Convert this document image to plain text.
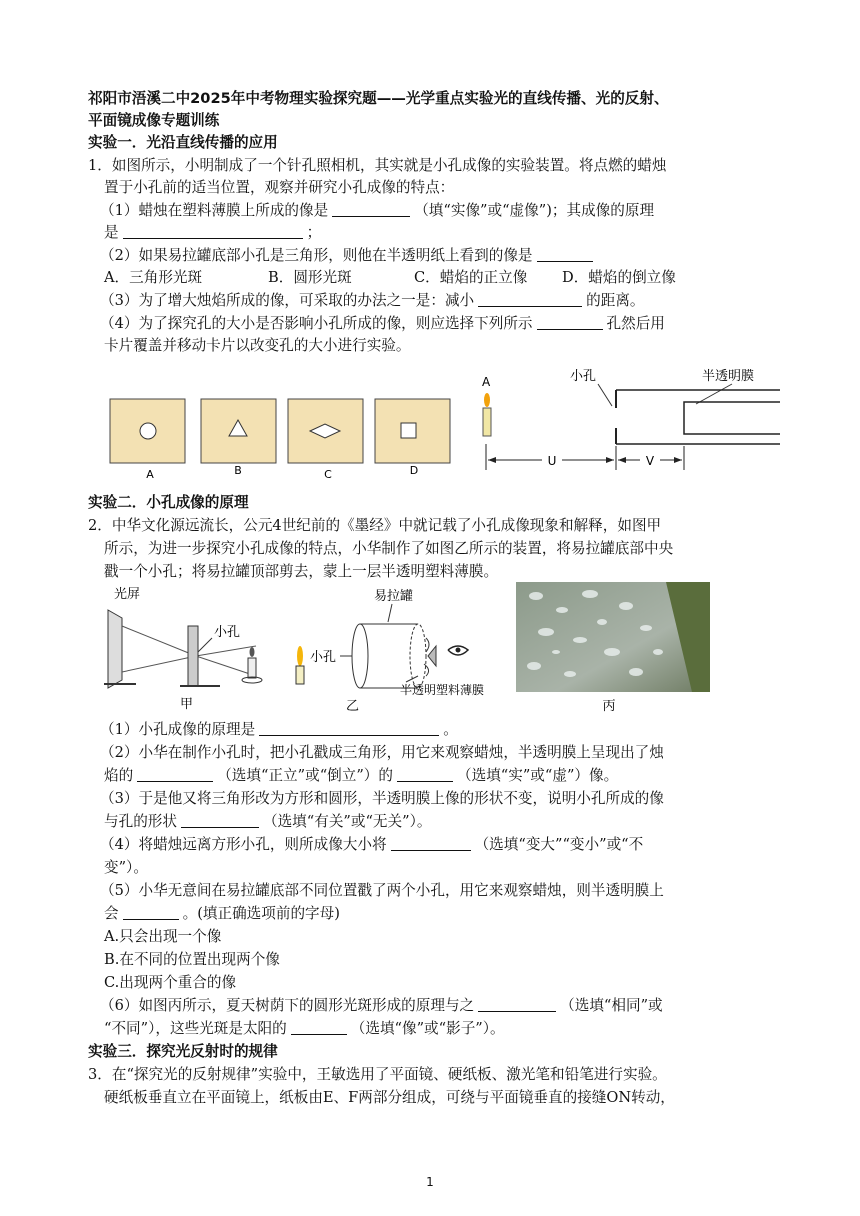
祁阳市浯溪二中2025年中考物理实验探究题——光学重点实验光的直线传播、光的反射、
平面镜成像专题训练
实验一．光沿直线传播的应用
1．如图所示，小明制成了一个针孔照相机，其实就是小孔成像的实验装置。将点燃的蜡烛
置于小孔前的适当位置，观察并研究小孔成像的特点：
（1）蜡烛在塑料薄膜上所成的像是	（填“实像”或“虚像”)；其成像的原理
是	；
（2）如果易拉罐底部小孔是三角形，则他在半透明纸上看到的像是
A．三角形光斑	B．圆形光斑	C．蜡焰的正立像 D．蜡焰的倒立像
（3）为了增大烛焰所成的像，可采取的办法之一是：减小	的距离。
（4）为了探究孔的大小是否影响小孔所成的像，则应选择下列所示	孔然后用
卡片覆盖并移动卡片以改变孔的大小进行实验。
A	B	C	D
A	小孔	半透明膜
U	V
实验二．小孔成像的原理
2．中华文化源远流长，公元4世纪前的《墨经》中就记载了小孔成像现象和解释，如图甲
所示，为进一步探究小孔成像的特点，小华制作了如图乙所示的装置，将易拉罐底部中央
戳一个小孔；将易拉罐顶部剪去，蒙上一层半透明塑料薄膜。
光屏
小孔
甲
易拉罐
小孔
半透明塑料薄膜
乙	丙
（1）小孔成像的原理是	。
（2）小华在制作小孔时，把小孔戳成三角形，用它来观察蜡烛，半透明膜上呈现出了烛
焰的	（选填“正立”或“倒立”）的	（选填“实”或“虚”）像。
（3）于是他又将三角形改为方形和圆形，半透明膜上像的形状不变，说明小孔所成的像
与孔的形状	（选填“有关”或“无关”）。
（4）将蜡烛远离方形小孔，则所成像大小将	（选填“变大”“变小”或“不
变”）。
（5）小华无意间在易拉罐底部不同位置戳了两个小孔，用它来观察蜡烛，则半透明膜上
会	。(填正确选项前的字母)
A.只会出现一个像
B.在不同的位置出现两个像
C.出现两个重合的像
（6）如图丙所示，夏天树荫下的圆形光斑形成的原理与之	（选填“相同”或
“不同”），这些光斑是太阳的	（选填“像”或“影子”）。
实验三．探究光反射时的规律
3．在“探究光的反射规律”实验中，王敏选用了平面镜、硬纸板、激光笔和铅笔进行实验。
硬纸板垂直立在平面镜上，纸板由E、F两部分组成，可绕与平面镜垂直的接缝ON转动，
1
